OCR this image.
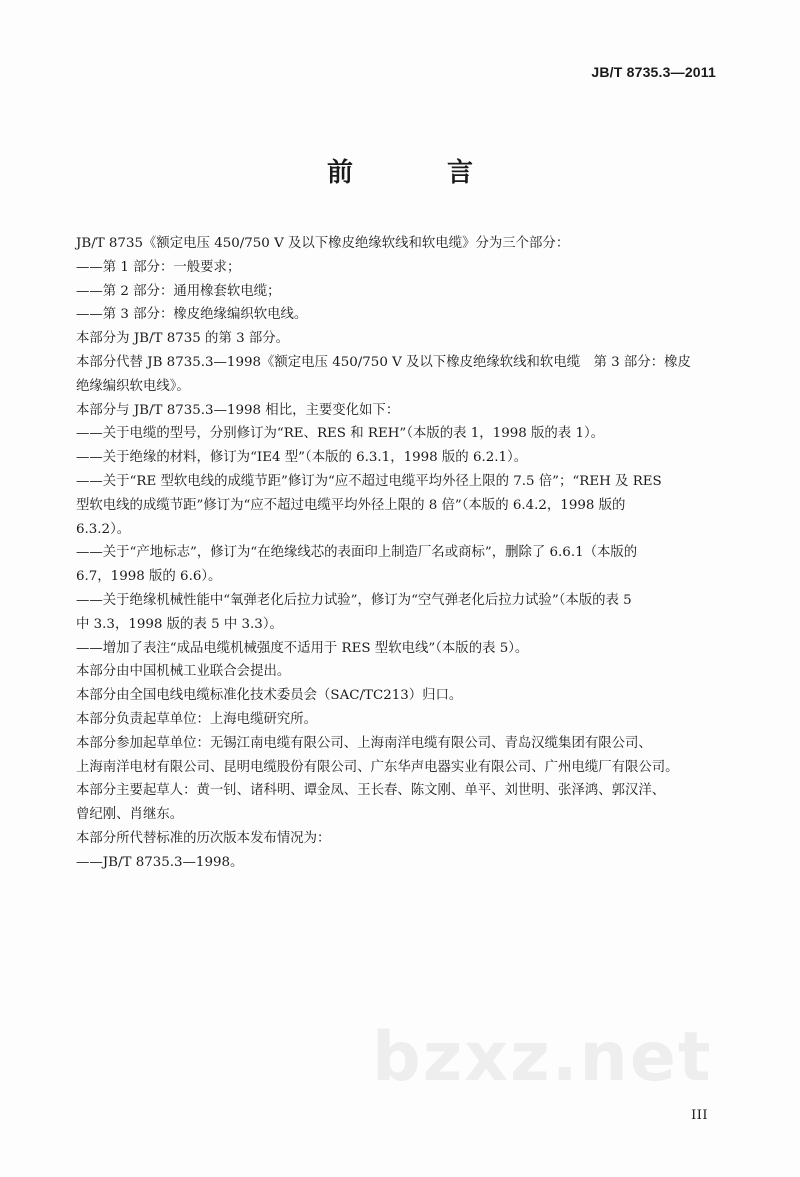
JB/T 8735.3—2011
前　言
JB/T 8735《额定电压 450/750 V 及以下橡皮绝缘软线和软电缆》分为三个部分：
——第 1 部分：一般要求；
——第 2 部分：通用橡套软电缆；
——第 3 部分：橡皮绝缘编织软电线。
本部分为 JB/T 8735 的第 3 部分。
本部分代替 JB 8735.3—1998《额定电压 450/750 V 及以下橡皮绝缘软线和软电缆　第 3 部分：橡皮
绝缘编织软电线》。
本部分与 JB/T 8735.3—1998 相比，主要变化如下：
——关于电缆的型号，分别修订为“RE、RES 和 REH”（本版的表 1，1998 版的表 1）。
——关于绝缘的材料，修订为“IE4 型”（本版的 6.3.1，1998 版的 6.2.1）。
——关于“RE 型软电线的成缆节距”修订为“应不超过电缆平均外径上限的 7.5 倍”；“REH 及 RES
型软电线的成缆节距”修订为“应不超过电缆平均外径上限的 8 倍”（本版的 6.4.2，1998 版的
6.3.2）。
——关于“产地标志”，修订为“在绝缘线芯的表面印上制造厂名或商标”，删除了 6.6.1（本版的
6.7，1998 版的 6.6）。
——关于绝缘机械性能中“氧弹老化后拉力试验”，修订为“空气弹老化后拉力试验”（本版的表 5
中 3.3，1998 版的表 5 中 3.3）。
——增加了表注“成品电缆机械强度不适用于 RES 型软电线”（本版的表 5）。
本部分由中国机械工业联合会提出。
本部分由全国电线电缆标准化技术委员会（SAC/TC213）归口。
本部分负责起草单位：上海电缆研究所。
本部分参加起草单位：无锡江南电缆有限公司、上海南洋电缆有限公司、青岛汉缆集团有限公司、
上海南洋电材有限公司、昆明电缆股份有限公司、广东华声电器实业有限公司、广州电缆厂有限公司。
本部分主要起草人：黄一钊、诸科明、谭金凤、王长春、陈文刚、单平、刘世明、张泽鸿、郭汉洋、
曾纪刚、肖继东。
本部分所代替标准的历次版本发布情况为：
——JB/T 8735.3—1998。
bzxz.net
III
